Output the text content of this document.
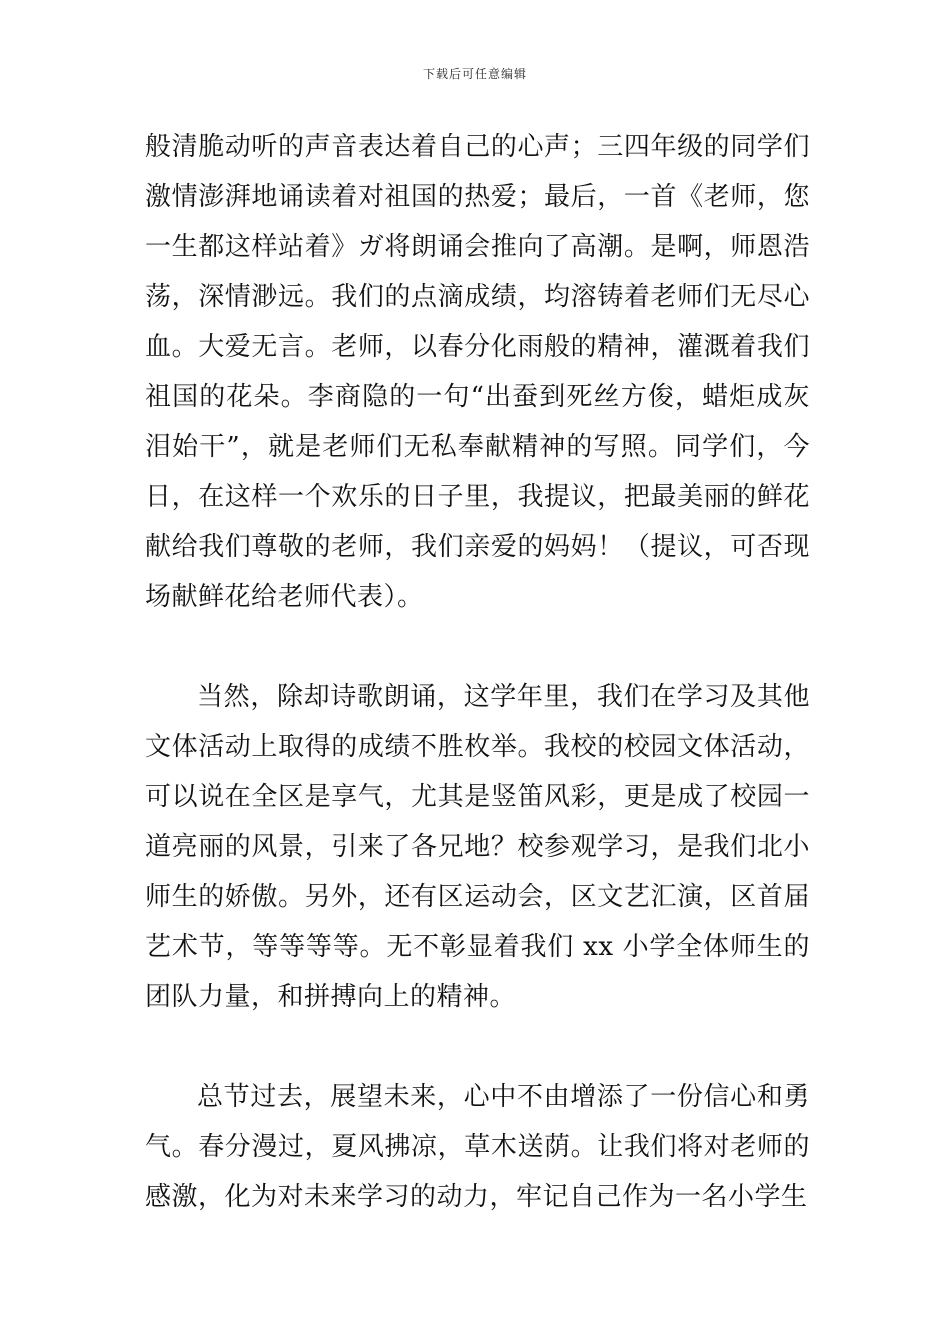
下载后可任意编辑

般清脆动听的声音表达着自己的心声；三四年级的同学们激情澎湃地诵读着对祖国的热爱；最后，一首《老师，您一生都这样站着》ガ将朗诵会推向了高潮。是啊，师恩浩荡，深情渺远。我们的点滴成绩，均溶铸着老师们无尽心血。大爱无言。老师，以春分化雨般的精神，灌溉着我们祖国的花朵。李商隐的一句“出蚕到死丝方俊，蜡炬成灰泪始干”，就是老师们无私奉献精神的写照。同学们，今日，在这样一个欢乐的日子里，我提议，把最美丽的鲜花献给我们尊敬的老师，我们亲爱的妈妈！（提议，可否现场献鲜花给老师代表）。

当然，除却诗歌朗诵，这学年里，我们在学习及其他文体活动上取得的成绩不胜枚举。我校的校园文体活动，可以说在全区是享气，尤其是竖笛风彩，更是成了校园一道亮丽的风景，引来了各兄地？校参观学习，是我们北小师生的娇傲。另外，还有区运动会，区文艺汇演，区首届艺术节，等等等等。无不彰显着我们 xx 小学全体师生的团队力量，和拼搏向上的精神。

总节过去，展望未来，心中不由增添了一份信心和勇气。春分漫过，夏风拂凉，草木送荫。让我们将对老师的感激，化为对未来学习的动力，牢记自己作为一名小学生
